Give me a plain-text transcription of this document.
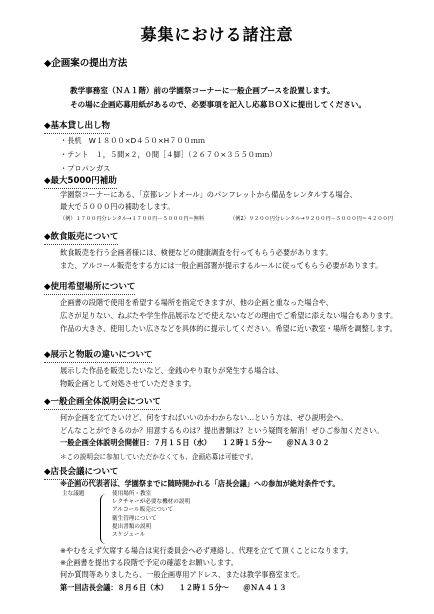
募集における諸注意
◆企画案の提出方法
教学事務室（ＮＡ１階）前の学園祭コーナーに一般企画ブースを設置します。
その場に企画応募用紙があるので、必要事項を記入し応募ＢＯＸに提出してください。
◆基本貸し出し物
・長机　W１８００×D４５０×H７００ｍｍ
・テント　１，５間×２，０間［４脚］（２６７０×３５５０ｍｍ）
・プロパンガス
◆最大5000円補助
学園祭コーナーにある、「京都レントオール」のパンフレットから備品をレンタルする場合、
最大で５０００円の補助をします。
（例）１７００円分レンタル→１７００円－５０００円＝無料	（例2）９２００円分レンタル→９２００円－５０００円＝４２００円
◆飲食販売について
飲食販売を行う企画者様には、検便などの健康調査を行ってもらう必要があります。
また、アルコール販売をする方には一般企画部署が提示するルールに従ってもらう必要があります。
◆使用希望場所について
企画書の段階で使用を希望する場所を指定できますが、他の企画と重なった場合や、
広さが足りない、ねぶたや学生作品展示などで使えないなどの理由でご希望に添えない場合もあります。
作品の大きさ、使用したい広さなどを具体的に提示してください。希望に近い教室・場所を調整します。
◆展示と物販の違いについて
展示した作品を販売したいなど、金銭のやり取りが発生する場合は、
物販企画として対処させていただきます。
◆一般企画全体説明会について
何か企画を立てたいけど、何をすればいいのかわからない…という方は、ぜひ説明会へ。
どんなことができるのか？用意するものは？提出書類は？という疑問を解消！ぜひご参加ください。
一般企画全体説明会開催日：７月１５日（水）　　１２時１５分～　　＠ＮＡ３０２
＊この説明会に参加していただかなくても、企画応募は可能です。
◆店長会議について
※企画の代表者は、学園祭までに随時開かれる「店長会議」への参加が絶対条件です。
主な議題	使用場所・教室
レクチャーが必要な機材の説明
アルコール販売について
衛生管理について
提出書類の説明
スケジュール
※やむをえず欠席する場合は実行委員会へ必ず連絡し、代理を立てて頂くことになります。
※企画書を提出する段階で予定の確認をお願いします。
何か質問等ありましたら、一般企画専用アドレス、または教学事務室まで。
第一回店長会議：８月６日（木）　　１２時１５分～　　＠ＮＡ４１３
